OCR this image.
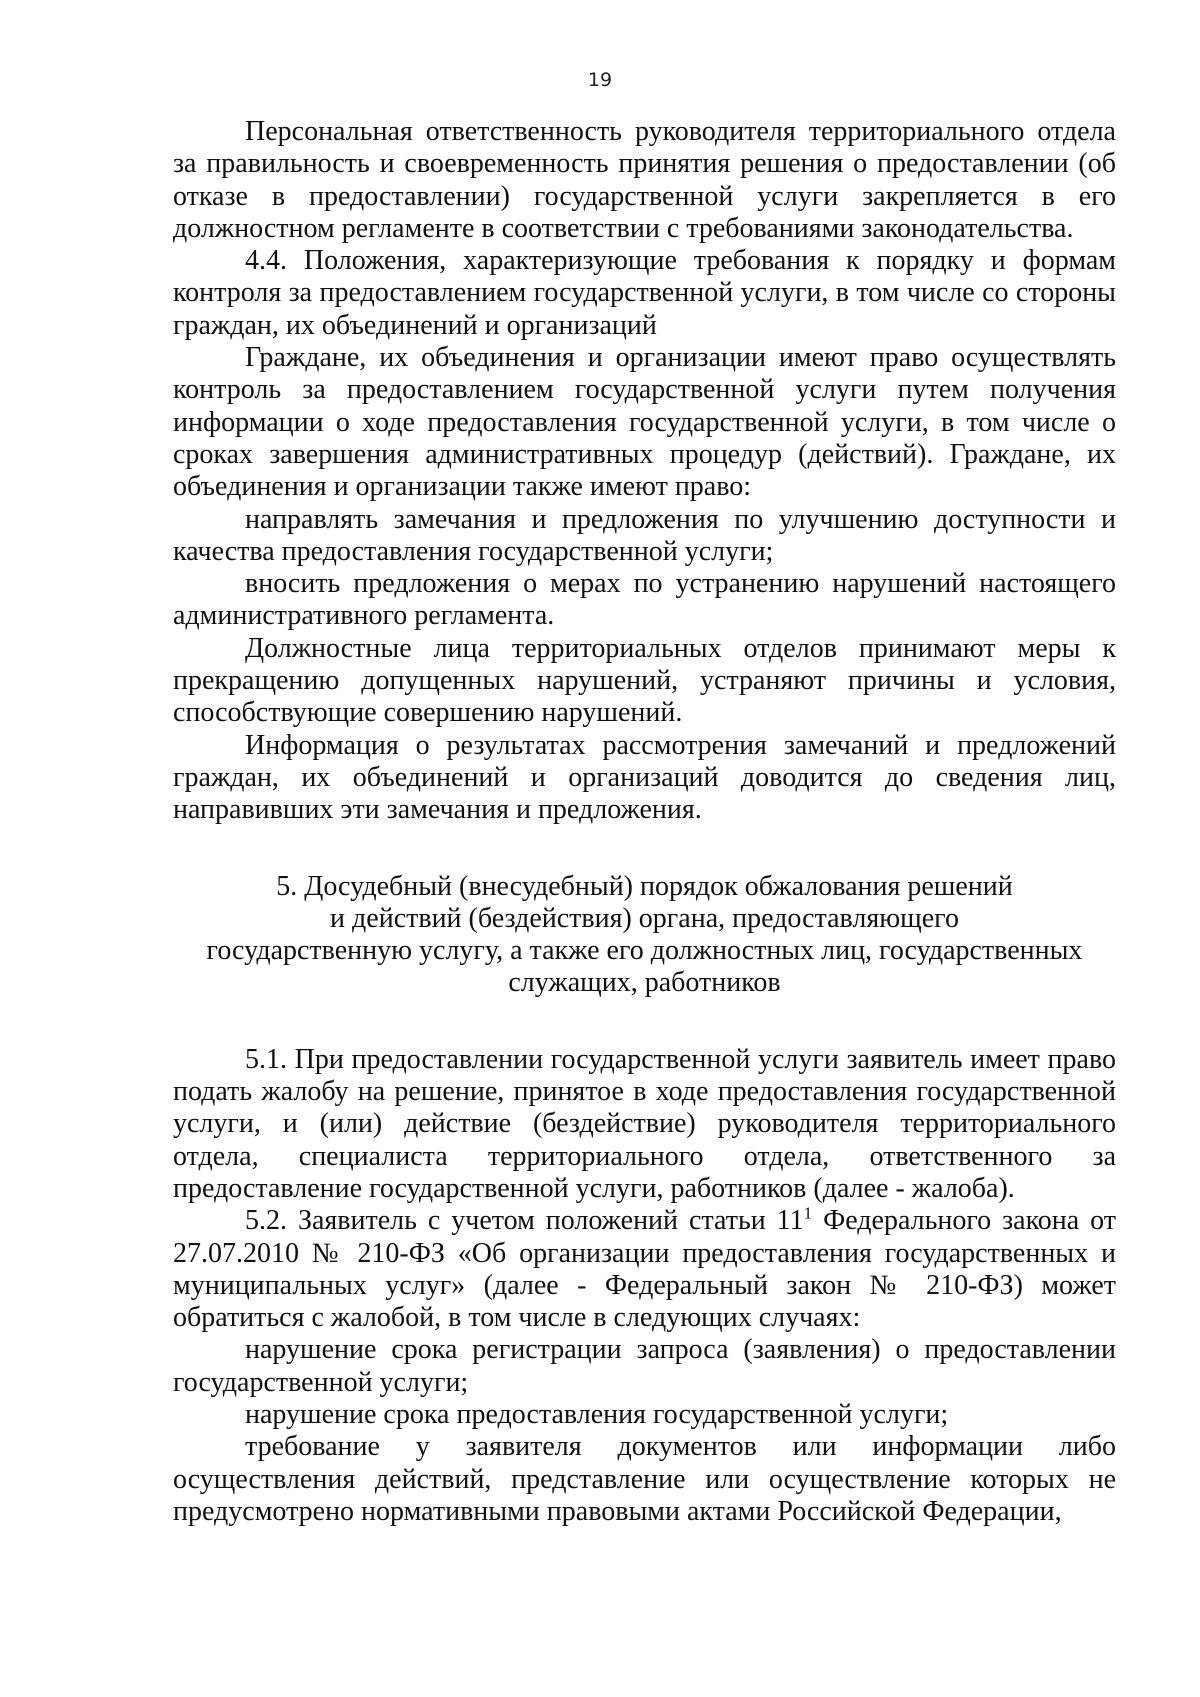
19

Персональная ответственность руководителя территориального отдела за правильность и своевременность принятия решения о предоставлении (об отказе в предоставлении) государственной услуги закрепляется в его должностном регламенте в соответствии с требованиями законодательства.

4.4. Положения, характеризующие требования к порядку и формам контроля за предоставлением государственной услуги, в том числе со стороны граждан, их объединений и организаций

Граждане, их объединения и организации имеют право осуществлять контроль за предоставлением государственной услуги путем получения информации о ходе предоставления государственной услуги, в том числе о сроках завершения административных процедур (действий). Граждане, их объединения и организации также имеют право:

направлять замечания и предложения по улучшению доступности и качества предоставления государственной услуги;

вносить предложения о мерах по устранению нарушений настоящего административного регламента.

Должностные лица территориальных отделов принимают меры к прекращению допущенных нарушений, устраняют причины и условия, способствующие совершению нарушений.

Информация о результатах рассмотрения замечаний и предложений граждан, их объединений и организаций доводится до сведения лиц, направивших эти замечания и предложения.

5. Досудебный (внесудебный) порядок обжалования решений
и действий (бездействия) органа, предоставляющего
государственную услугу, а также его должностных лиц, государственных
служащих, работников

5.1. При предоставлении государственной услуги заявитель имеет право подать жалобу на решение, принятое в ходе предоставления государственной услуги, и (или) действие (бездействие) руководителя территориального отдела, специалиста территориального отдела, ответственного за предоставление государственной услуги, работников (далее - жалоба).

5.2. Заявитель с учетом положений статьи $11^1$ Федерального закона от 27.07.2010 № 210-ФЗ «Об организации предоставления государственных и муниципальных услуг» (далее - Федеральный закон № 210-ФЗ) может обратиться с жалобой, в том числе в следующих случаях:

нарушение срока регистрации запроса (заявления) о предоставлении государственной услуги;

нарушение срока предоставления государственной услуги;

требование у заявителя документов или информации либо осуществления действий, представление или осуществление которых не предусмотрено нормативными правовыми актами Российской Федерации,
